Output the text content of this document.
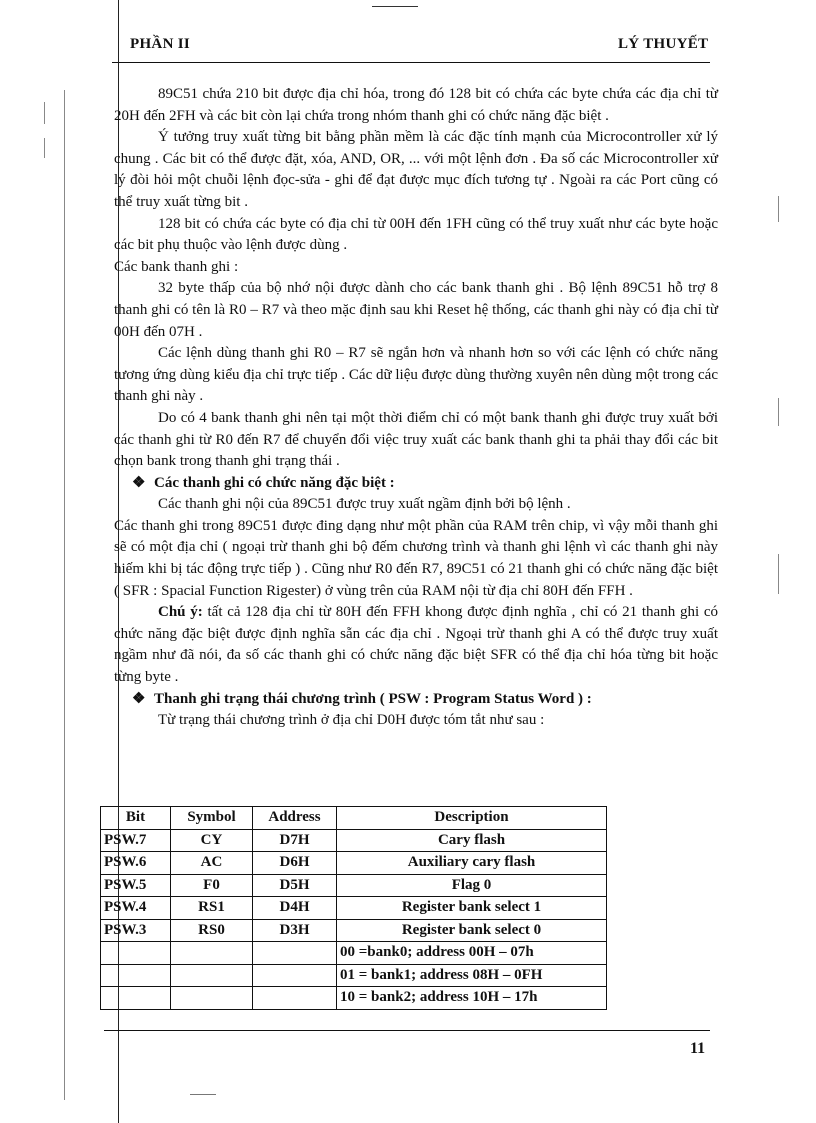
PHẦN II	LÝ THUYẾT

89C51 chứa 210 bit được địa chỉ hóa, trong đó 128 bit có chứa các byte chứa các địa chỉ từ 20H đến 2FH và các bit còn lại chứa trong nhóm thanh ghi có chức năng đặc biệt .

Ý tưởng truy xuất từng bit bằng phần mềm là các đặc tính mạnh của Microcontroller xử lý chung . Các bit có thể được đặt, xóa, AND, OR, ... với một lệnh đơn . Đa số các Microcontroller xử lý đòi hỏi một chuỗi lệnh đọc-sửa - ghi để đạt được mục đích tương tự . Ngoài ra các Port cũng có thể truy xuất từng bit .

128 bit có chứa các byte có địa chỉ từ 00H đến 1FH cũng có thể truy xuất như các byte hoặc các bit phụ thuộc vào lệnh được dùng .

Các bank thanh ghi :

32 byte thấp của bộ nhớ nội được dành cho các bank thanh ghi . Bộ lệnh 89C51 hỗ trợ 8 thanh ghi có tên là R0 – R7 và theo mặc định sau khi Reset hệ thống, các thanh ghi này có địa chỉ từ 00H đến 07H .

Các lệnh dùng thanh ghi R0 – R7 sẽ ngắn hơn và nhanh hơn so với các lệnh có chức năng tương ứng dùng kiểu địa chỉ trực tiếp . Các dữ liệu được dùng thường xuyên nên dùng một trong các thanh ghi này .

Do có 4 bank thanh ghi nên tại một thời điểm chỉ có một bank thanh ghi được truy xuất bởi các thanh ghi từ R0 đến R7 để chuyển đổi việc truy xuất các bank thanh ghi ta phải thay đổi các bit chọn bank trong thanh ghi trạng thái .

❖ Các thanh ghi có chức năng đặc biệt :

Các thanh ghi nội của 89C51 được truy xuất ngầm định bởi bộ lệnh .

Các thanh ghi trong 89C51 được đing dạng như một phần của RAM trên chip, vì vậy mỗi thanh ghi sẽ có một địa chỉ ( ngoại trừ thanh ghi bộ đếm chương trình và thanh ghi lệnh vì các thanh ghi này hiếm khi bị tác động trực tiếp ) . Cũng như R0 đến R7, 89C51 có 21 thanh ghi có chức năng đặc biệt ( SFR : Spacial Function Rigester) ở vùng trên của RAM nội từ địa chỉ 80H đến FFH .

Chú ý: tất cả 128 địa chỉ từ 80H đến FFH khong được định nghĩa , chỉ có 21 thanh ghi có chức năng đặc biệt được định nghĩa sẵn các địa chỉ . Ngoại trừ thanh ghi A có thể được truy xuất ngầm như đã nói, đa số các thanh ghi có chức năng đặc biệt SFR có thể địa chỉ hóa từng bit hoặc từng byte .

❖ Thanh ghi trạng thái chương trình ( PSW : Program Status Word ) :

Từ trạng thái chương trình ở địa chỉ D0H được tóm tắt như sau :

Bit	Symbol	Address	Description
PSW.7	CY	D7H	Cary flash
PSW.6	AC	D6H	Auxiliary cary flash
PSW.5	F0	D5H	Flag 0
PSW.4	RS1	D4H	Register bank select 1
PSW.3	RS0	D3H	Register bank select 0
			00 =bank0; address 00H – 07h
			01 = bank1; address 08H – 0FH
			10 = bank2; address 10H – 17h
11
